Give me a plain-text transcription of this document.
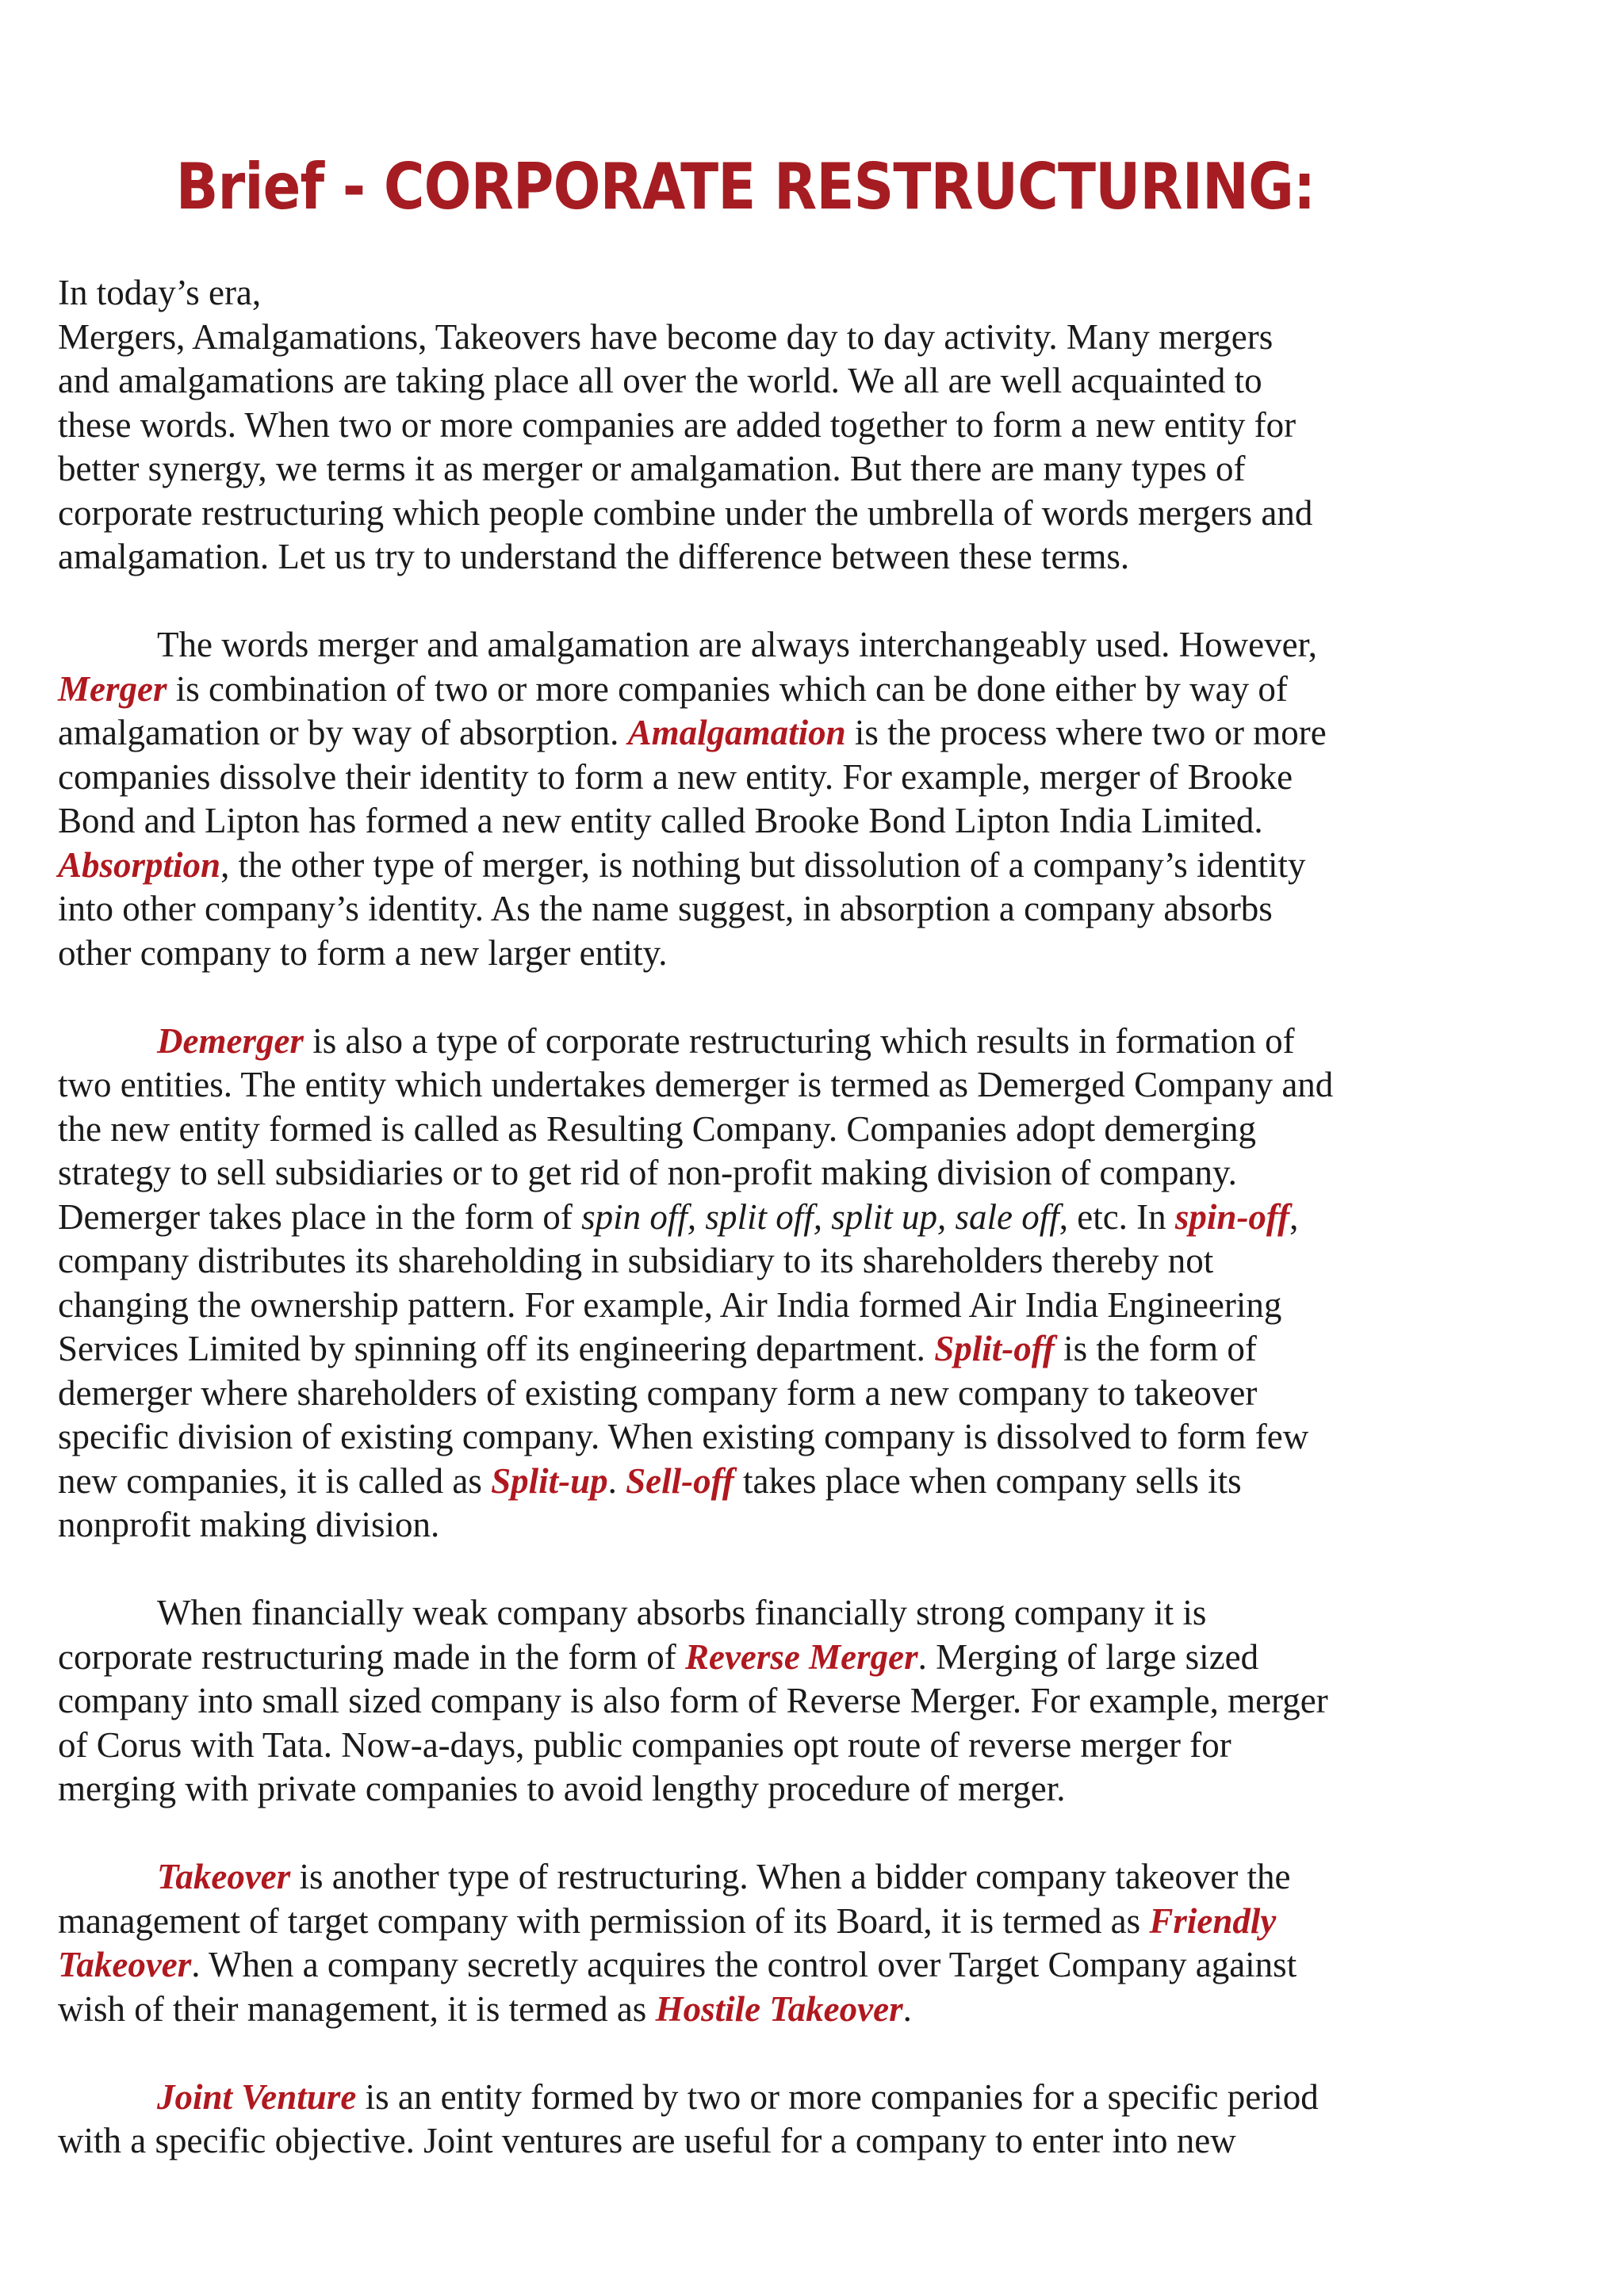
Brief - CORPORATE RESTRUCTURING:

In today’s era,
Mergers, Amalgamations, Takeovers have become day to day activity. Many mergers
and amalgamations are taking place all over the world. We all are well acquainted to
these words. When two or more companies are added together to form a new entity for
better synergy, we terms it as merger or amalgamation. But there are many types of
corporate restructuring which people combine under the umbrella of words mergers and
amalgamation. Let us try to understand the difference between these terms.

The words merger and amalgamation are always interchangeably used. However,
Merger is combination of two or more companies which can be done either by way of
amalgamation or by way of absorption. Amalgamation is the process where two or more
companies dissolve their identity to form a new entity. For example, merger of Brooke
Bond and Lipton has formed a new entity called Brooke Bond Lipton India Limited.
Absorption, the other type of merger, is nothing but dissolution of a company’s identity
into other company’s identity. As the name suggest, in absorption a company absorbs
other company to form a new larger entity.

Demerger is also a type of corporate restructuring which results in formation of
two entities. The entity which undertakes demerger is termed as Demerged Company and
the new entity formed is called as Resulting Company. Companies adopt demerging
strategy to sell subsidiaries or to get rid of non-profit making division of company.
Demerger takes place in the form of spin off, split off, split up, sale off, etc. In spin-off,
company distributes its shareholding in subsidiary to its shareholders thereby not
changing the ownership pattern. For example, Air India formed Air India Engineering
Services Limited by spinning off its engineering department. Split-off is the form of
demerger where shareholders of existing company form a new company to takeover
specific division of existing company. When existing company is dissolved to form few
new companies, it is called as Split-up. Sell-off takes place when company sells its
nonprofit making division.

When financially weak company absorbs financially strong company it is
corporate restructuring made in the form of Reverse Merger. Merging of large sized
company into small sized company is also form of Reverse Merger. For example, merger
of Corus with Tata. Now-a-days, public companies opt route of reverse merger for
merging with private companies to avoid lengthy procedure of merger.

Takeover is another type of restructuring. When a bidder company takeover the
management of target company with permission of its Board, it is termed as Friendly
Takeover. When a company secretly acquires the control over Target Company against
wish of their management, it is termed as Hostile Takeover.

Joint Venture is an entity formed by two or more companies for a specific period
with a specific objective. Joint ventures are useful for a company to enter into new
